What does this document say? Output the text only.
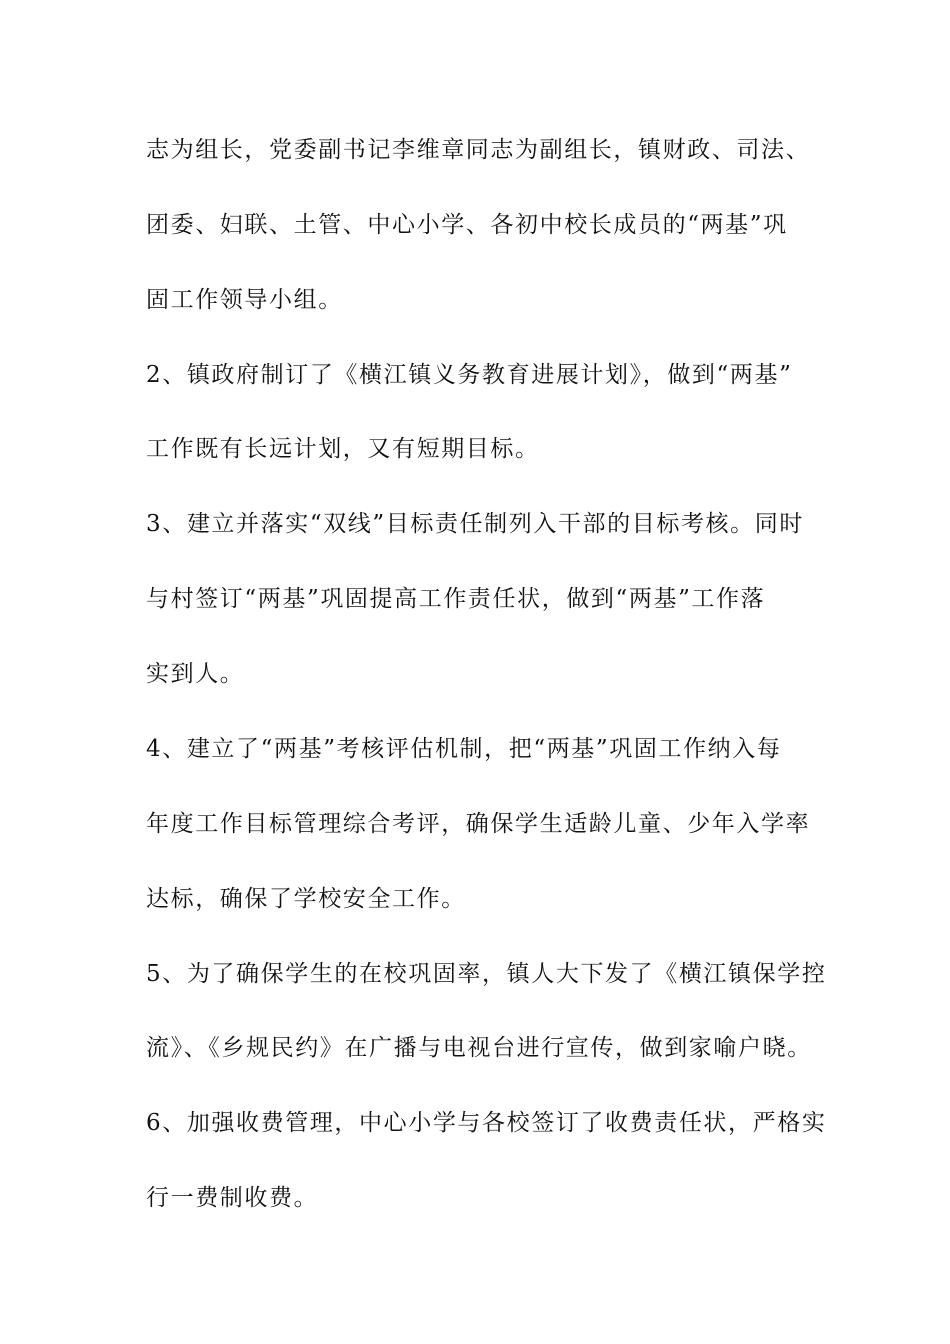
志为组长，党委副书记李维章同志为副组长，镇财政、司法、
团委、妇联、土管、中心小学、各初中校长成员的“两基”巩
固工作领导小组。
2、镇政府制订了《横江镇义务教育进展计划》，做到“两基”
工作既有长远计划，又有短期目标。
3、建立并落实“双线”目标责任制列入干部的目标考核。同时
与村签订“两基”巩固提高工作责任状，做到“两基”工作落
实到人。
4、建立了“两基”考核评估机制，把“两基”巩固工作纳入每
年度工作目标管理综合考评，确保学生适龄儿童、少年入学率
达标，确保了学校安全工作。
5、为了确保学生的在校巩固率，镇人大下发了《横江镇保学控
流》、《乡规民约》在广播与电视台进行宣传，做到家喻户晓。
6、加强收费管理，中心小学与各校签订了收费责任状，严格实
行一费制收费。
